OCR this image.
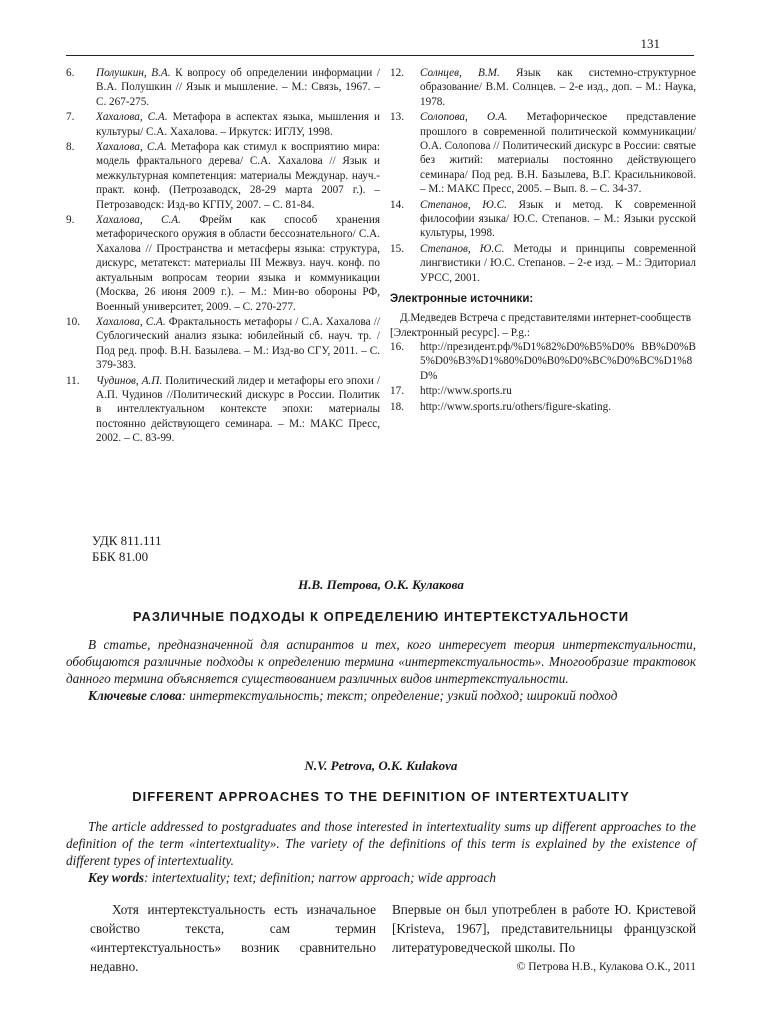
131

6. Полушкин, В.А. К вопросу об определении информации / В.А. Полушкин // Язык и мышление. – М.: Связь, 1967. – С. 267-275.

7. Хахалова, С.А. Метафора в аспектах языка, мышления и культуры/ С.А. Хахалова. – Иркутск: ИГЛУ, 1998.

8. Хахалова, С.А. Метафора как стимул к восприятию мира: модель фрактального дерева/ С.А. Хахалова // Язык и межкультурная компетенция: материалы Междунар. науч.-практ. конф. (Петрозаводск, 28-29 марта 2007 г.). – Петрозаводск: Изд-во КГПУ, 2007. – С. 81-84.

9. Хахалова, С.А. Фрейм как способ хранения метафорического оружия в области бессознательного/ С.А. Хахалова // Пространства и метасферы языка: структура, дискурс, метатекст: материалы III Межвуз. науч. конф. по актуальным вопросам теории языка и коммуникации (Москва, 26 июня 2009 г.). – М.: Мин-во обороны РФ, Военный университет, 2009. – С. 270-277.

10. Хахалова, С.А. Фрактальность метафоры / С.А. Хахалова // Сублогический анализ языка: юбилейный сб. науч. тр. / Под ред. проф. В.Н. Базылева. – М.: Изд-во СГУ, 2011. – С. 379-383.

11. Чудинов, А.П. Политический лидер и метафоры его эпохи / А.П. Чудинов //Политический дискурс в России. Политик в интеллектуальном контексте эпохи: материалы постоянно действующего семинара. – М.: МАКС Пресс, 2002. – С. 83-99.

12. Солнцев, В.М. Язык как системно-структурное образование/ В.М. Солнцев. – 2-е изд., доп. – М.: Наука, 1978.

13. Солопова, О.А. Метафорическое представление прошлого в современной политической коммуникации/ О.А. Солопова // Политический дискурс в России: святые без житий: материалы постоянно действующего семинара/ Под ред. В.Н. Базылева, В.Г. Красильниковой. – М.: МАКС Пресс, 2005. – Вып. 8. – С. 34-37.

14. Степанов, Ю.С. Язык и метод. К современной философии языка/ Ю.С. Степанов. – М.: Языки русской культуры, 1998.

15. Степанов, Ю.С. Методы и принципы современной лингвистики / Ю.С. Степанов. – 2-е изд. – М.: Эдиториал УРСС, 2001.

Электронные источники:

Д.Медведев Встреча с представителями интернет-сообществ [Электронный ресурс]. – Р.g.:

16. http://президент.рф/%D1%82%D0%B5%D0% BB%D0%B5%D0%B3%D1%80%D0%B0%D0%BC%D0%BC%D1%8D%

17. http://www.sports.ru

18. http://www.sports.ru/others/figure-skating.

УДК 811.111
ББК 81.00
Н.В. Петрова, О.К. Кулакова
РАЗЛИЧНЫЕ ПОДХОДЫ К ОПРЕДЕЛЕНИЮ ИНТЕРТЕКСТУАЛЬНОСТИ

В статье, предназначенной для аспирантов и тех, кого интересует теория интертекстуальности, обобщаются различные подходы к определению термина «интертекстуальность». Многообразие трактовок данного термина объясняется существованием различных видов интертекстуальности.

Ключевые слова: интертекстуальность; текст; определение; узкий подход; широкий подход

N.V. Petrova, O.K. Kulakova
DIFFERENT APPROACHES TO THE DEFINITION OF INTERTEXTUALITY

The article addressed to postgraduates and those interested in intertextuality sums up different approaches to the definition of the term «intertextuality». The variety of the definitions of this term is explained by the existence of different types of intertextuality.

Key words: intertextuality; text; definition; narrow approach; wide approach

Хотя интертекстуальность есть изначальное свойство текста, сам термин «интертекстуальность» возник сравнительно недавно.
Впервые он был употреблен в работе Ю. Кристевой [Kristeva, 1967], представительницы французской литературоведческой школы. По
© Петрова Н.В., Кулакова О.К., 2011
